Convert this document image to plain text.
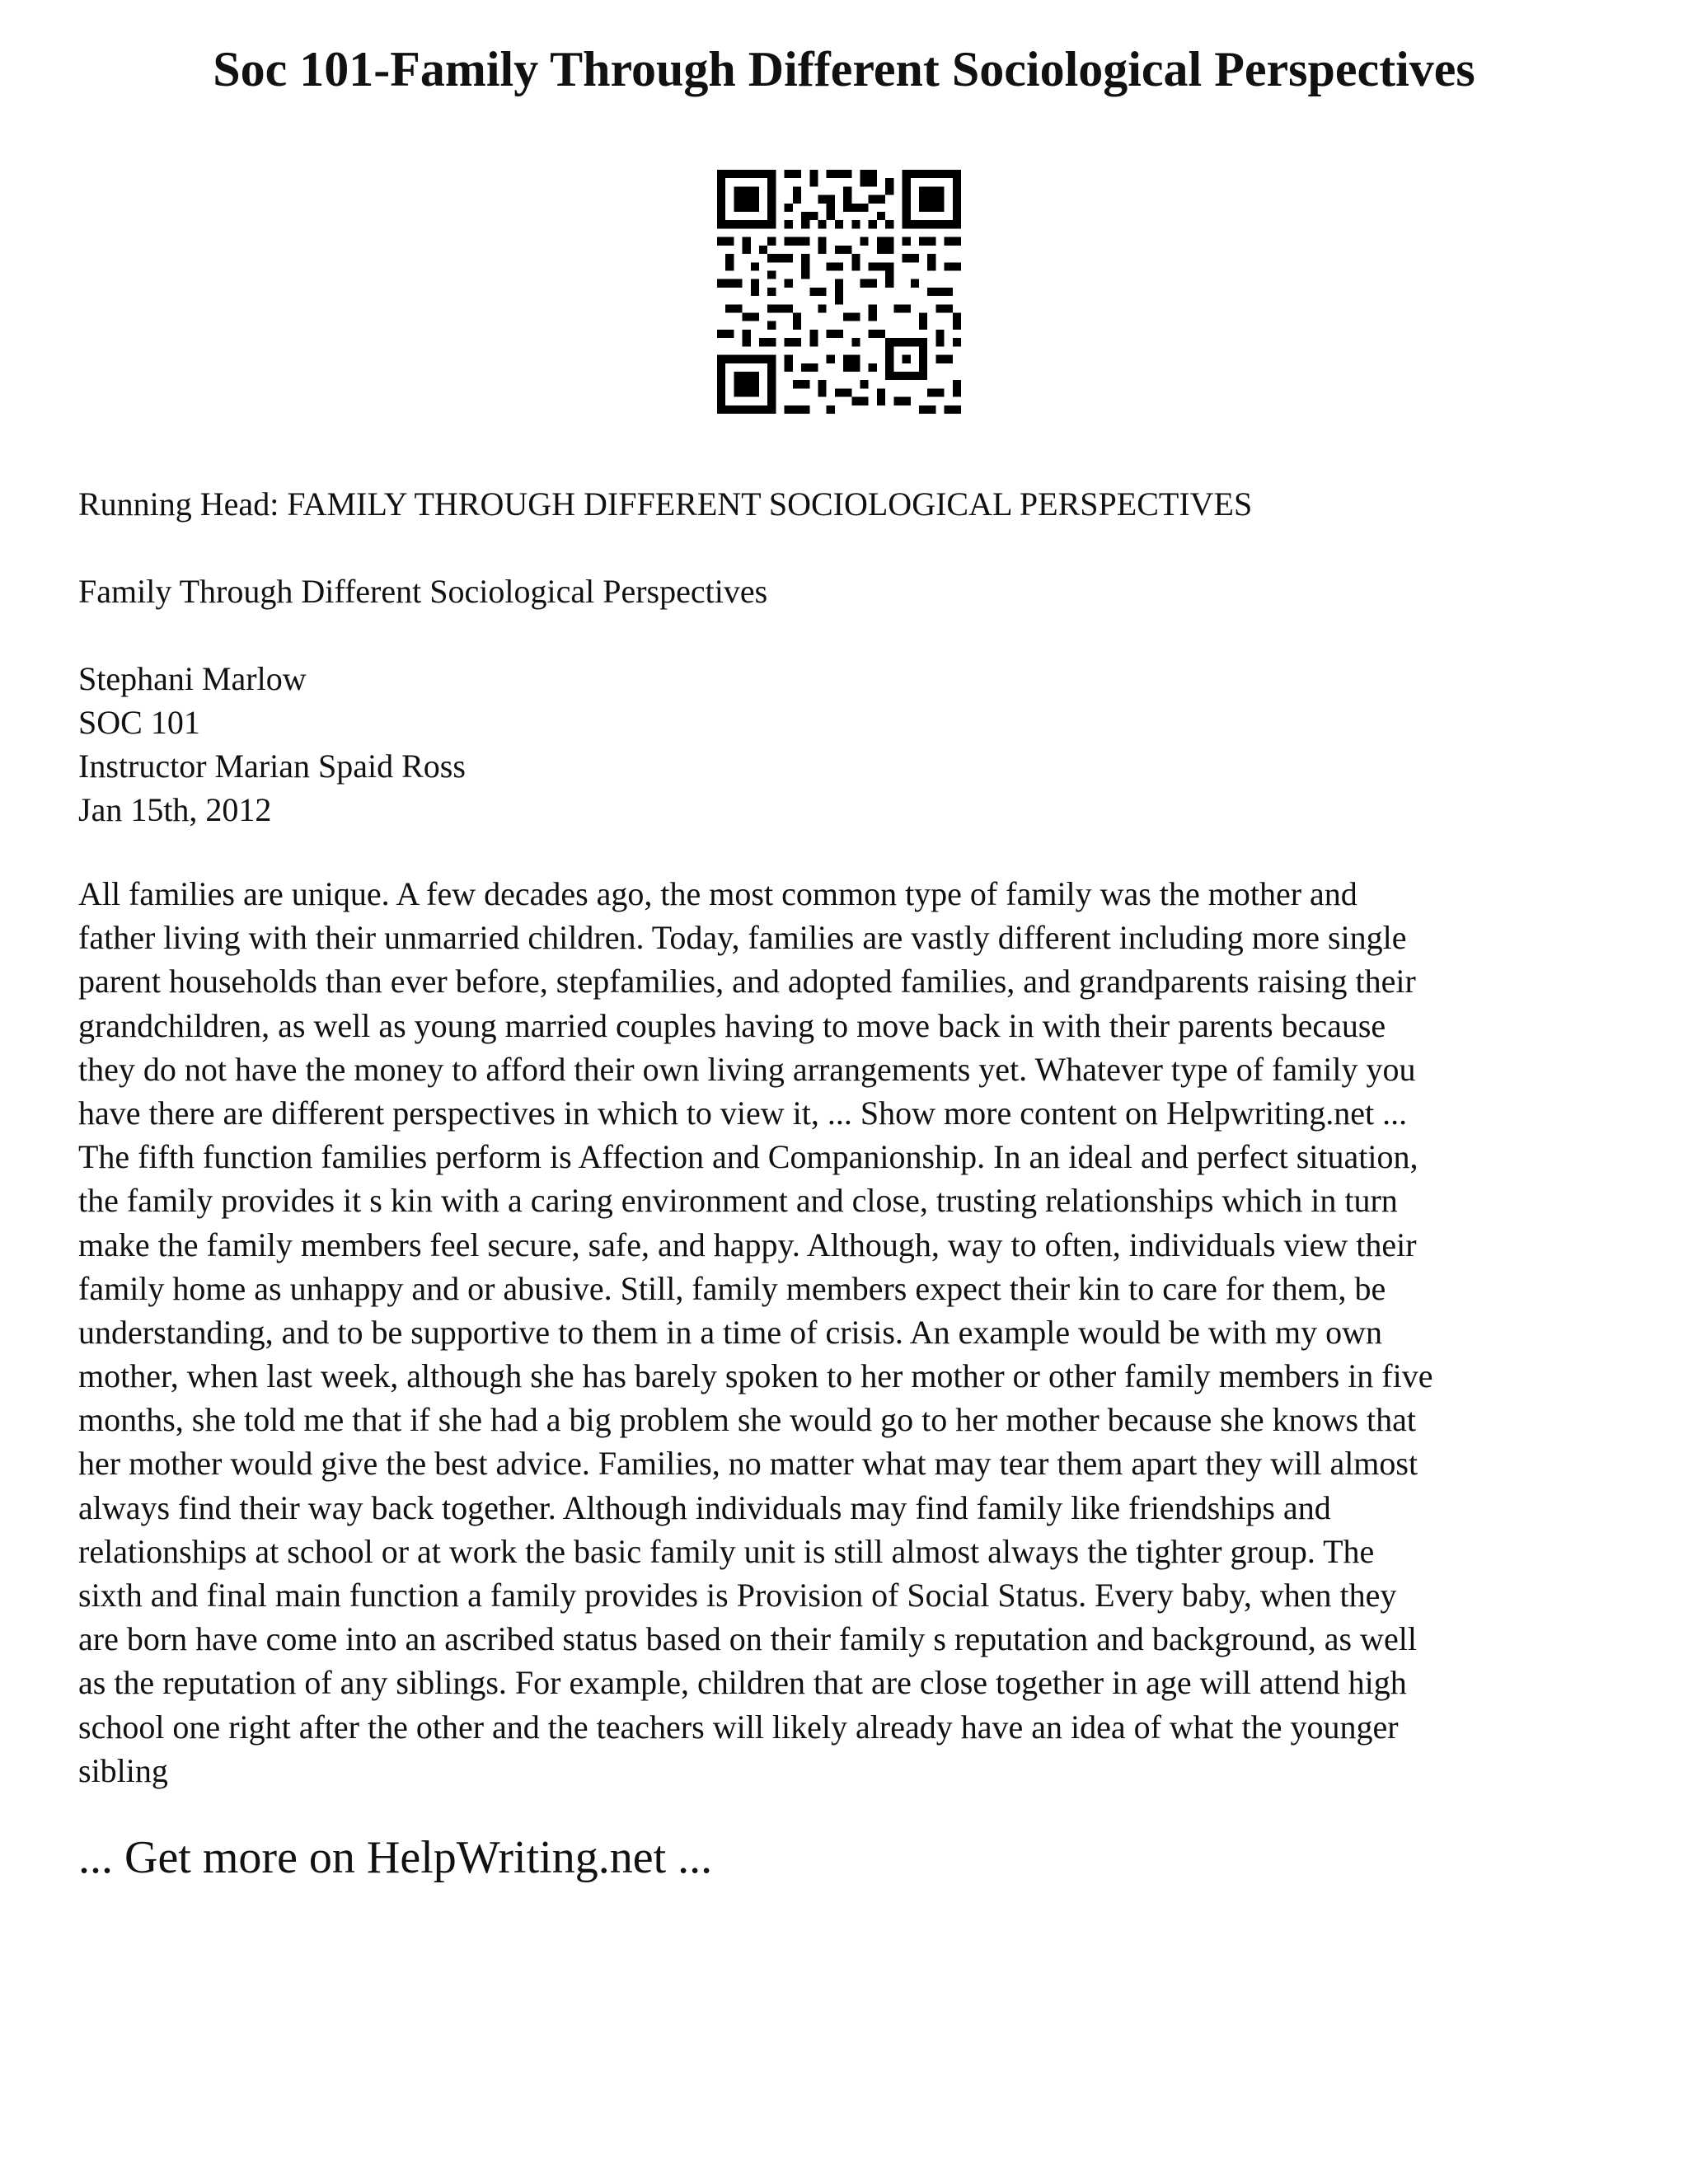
Soc 101-Family Through Different Sociological Perspectives

Running Head: FAMILY THROUGH DIFFERENT SOCIOLOGICAL PERSPECTIVES

Family Through Different Sociological Perspectives

Stephani Marlow
SOC 101
Instructor Marian Spaid Ross
Jan 15th, 2012
All families are unique. A few decades ago, the most common type of family was the mother and
father living with their unmarried children. Today, families are vastly different including more single
parent households than ever before, stepfamilies, and adopted families, and grandparents raising their
grandchildren, as well as young married couples having to move back in with their parents because
they do not have the money to afford their own living arrangements yet. Whatever type of family you
have there are different perspectives in which to view it, ... Show more content on Helpwriting.net ...
The fifth function families perform is Affection and Companionship. In an ideal and perfect situation,
the family provides it s kin with a caring environment and close, trusting relationships which in turn
make the family members feel secure, safe, and happy. Although, way to often, individuals view their
family home as unhappy and or abusive. Still, family members expect their kin to care for them, be
understanding, and to be supportive to them in a time of crisis. An example would be with my own
mother, when last week, although she has barely spoken to her mother or other family members in five
months, she told me that if she had a big problem she would go to her mother because she knows that
her mother would give the best advice. Families, no matter what may tear them apart they will almost
always find their way back together. Although individuals may find family like friendships and
relationships at school or at work the basic family unit is still almost always the tighter group. The
sixth and final main function a family provides is Provision of Social Status. Every baby, when they
are born have come into an ascribed status based on their family s reputation and background, as well
as the reputation of any siblings. For example, children that are close together in age will attend high
school one right after the other and the teachers will likely already have an idea of what the younger
sibling

... Get more on HelpWriting.net ...
